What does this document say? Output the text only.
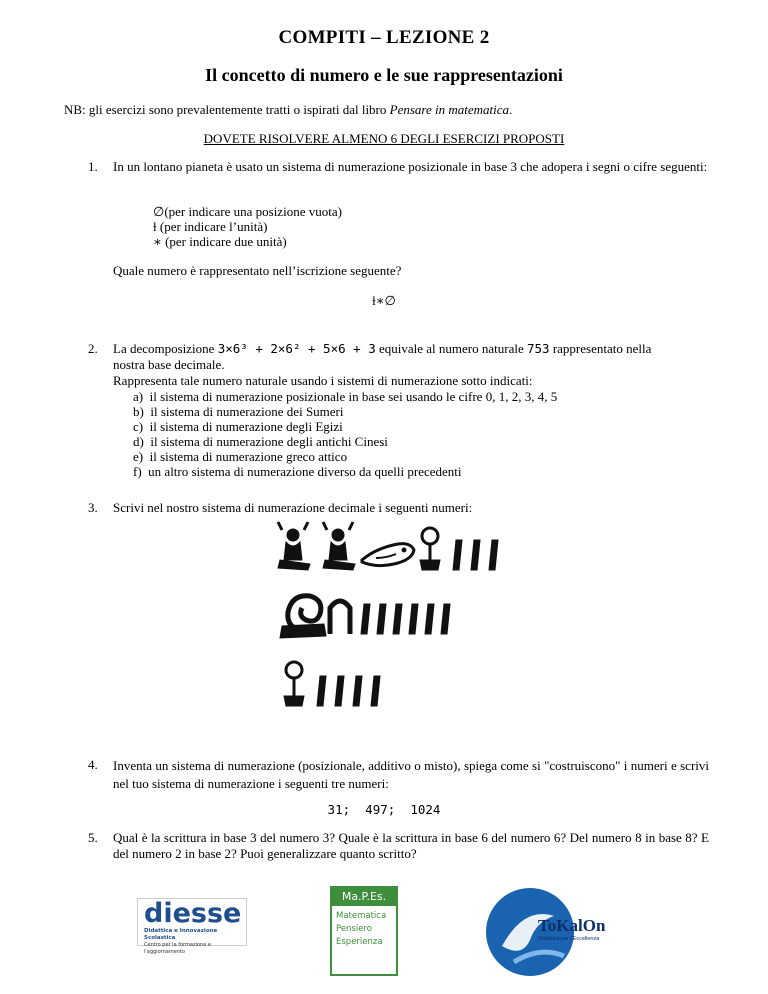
COMPITI – LEZIONE 2
Il concetto di numero e le sue rappresentazioni
NB: gli esercizi sono prevalentemente tratti o ispirati dal libro Pensare in matematica.
DOVETE RISOLVERE ALMENO 6 DEGLI ESERCIZI PROPOSTI
1. In un lontano pianeta è usato un sistema di numerazione posizionale in base 3 che adopera i segni o cifre seguenti:
∅(per indicare una posizione vuota)
ɫ (per indicare l’unità)
∗ (per indicare due unità)
Quale numero è rappresentato nell’iscrizione seguente?
ɫ∗∅
2. La decomposizione 3×6³ + 2×6² + 5×6 + 3 equivale al numero naturale 753 rappresentato nella
nostra base decimale.
Rappresenta tale numero naturale usando i sistemi di numerazione sotto indicati:
a) il sistema di numerazione posizionale in base sei usando le cifre 0, 1, 2, 3, 4, 5
b) il sistema di numerazione dei Sumeri
c) il sistema di numerazione degli Egizi
d) il sistema di numerazione degli antichi Cinesi
e) il sistema di numerazione greco attico
f) un altro sistema di numerazione diverso da quelli precedenti
3. Scrivi nel nostro sistema di numerazione decimale i seguenti numeri:
4. Inventa un sistema di numerazione (posizionale, additivo o misto), spiega come si "costruiscono" i numeri e scrivi nel tuo sistema di numerazione i seguenti tre numeri:
31;  497;  1024
5. Qual è la scrittura in base 3 del numero 3? Quale è la scrittura in base 6 del numero 6? Del numero 8 in base 8? E del numero 2 in base 2? Puoi generalizzare quanto scritto?
diesse
Didattica e Innovazione Scolastica
Centro per la formazione e l'aggiornamento
Ma.P.Es.
Matematica
Pensiero
Esperienza
ToKalOn
Didattica per l'Eccellenza
